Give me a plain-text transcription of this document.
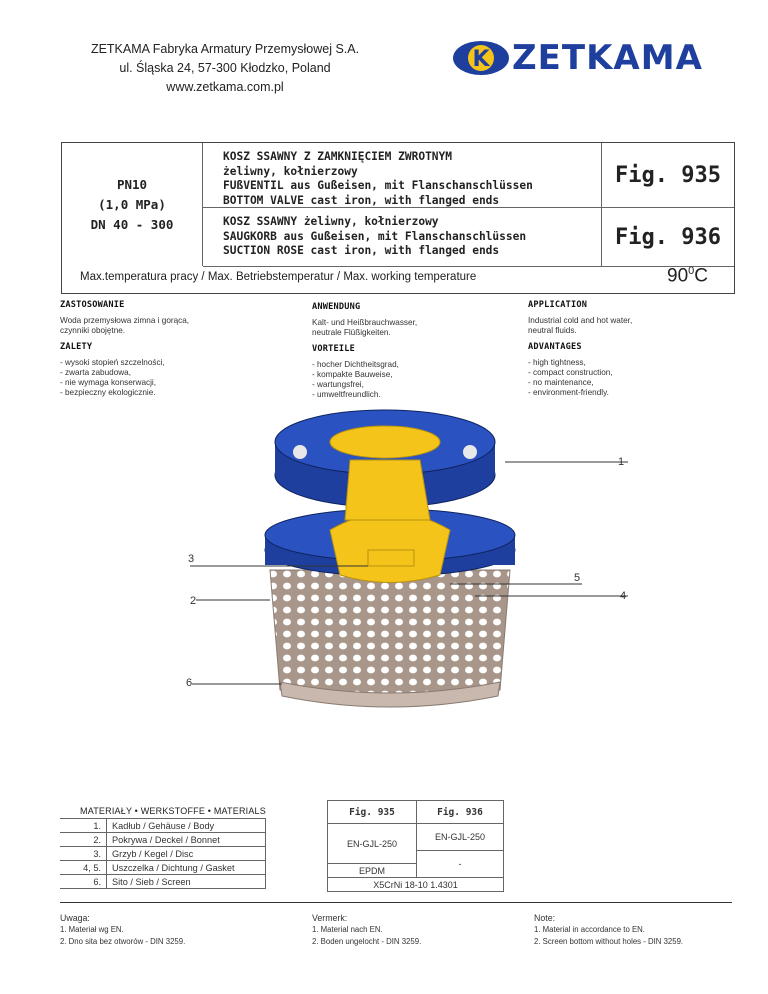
ZETKAMA Fabryka Armatury Przemysłowej S.A.
ul. Śląska 24, 57-300 Kłodzko, Poland
www.zetkama.com.pl
K ZETKAMA
PN10
(1,0 MPa)
DN 40 - 300
KOSZ SSAWNY Z ZAMKNIĘCIEM ZWROTNYM
żeliwny, kołnierzowy
FUßVENTIL aus Gußeisen, mit Flanschanschlüssen
BOTTOM VALVE cast iron, with flanged ends
Fig. 935
KOSZ SSAWNY żeliwny, kołnierzowy
SAUGKORB aus Gußeisen, mit Flanschanschlüssen
SUCTION ROSE cast iron, with flanged ends
Fig. 936
Max.temperatura pracy / Max. Betriebstemperatur / Max. working temperature	$90^0C$
ZASTOSOWANIE

Woda przemysłowa zimna i gorąca,
czynniki obojętne.

ZALETY

- wysoki stopień szczelności,
- zwarta zabudowa,
- nie wymaga konserwacji,
- bezpieczny ekologicznie.

ANWENDUNG

Kalt- und Heißbrauchwasser,
neutrale Flüßigkeiten.

VORTEILE

- hocher Dichtheitsgrad,
- kompakte Bauweise,
- wartungsfrei,
- umweltfreundlich.

APPLICATION

Industrial cold and hot water,
neutral fluids.

ADVANTAGES

- high tightness,
- compact construction,
- no maintenance,
- environment-friendly.

1
2
3
4
5
6
MATERIAŁY • WERKSTOFFE • MATERIALS
1.	Kadłub / Gehäuse / Body
2.	Pokrywa / Deckel / Bonnet
3.	Grzyb / Kegel / Disc
4, 5.	Uszczelka / Dichtung / Gasket
6.	Sito / Sieb / Screen
Fig. 935	Fig. 936
EN-GJL-250	EN-GJL-250

	-
EPDM	
X5CrNi 18-10 1.4301	
Uwaga:
1. Materiał wg EN.
2. Dno sita bez otworów - DIN 3259.
Vermerk:
1. Material nach EN.
2. Boden ungelocht - DIN 3259.
Note:
1. Material in accordance to EN.
2. Screen bottom without holes - DIN 3259.
